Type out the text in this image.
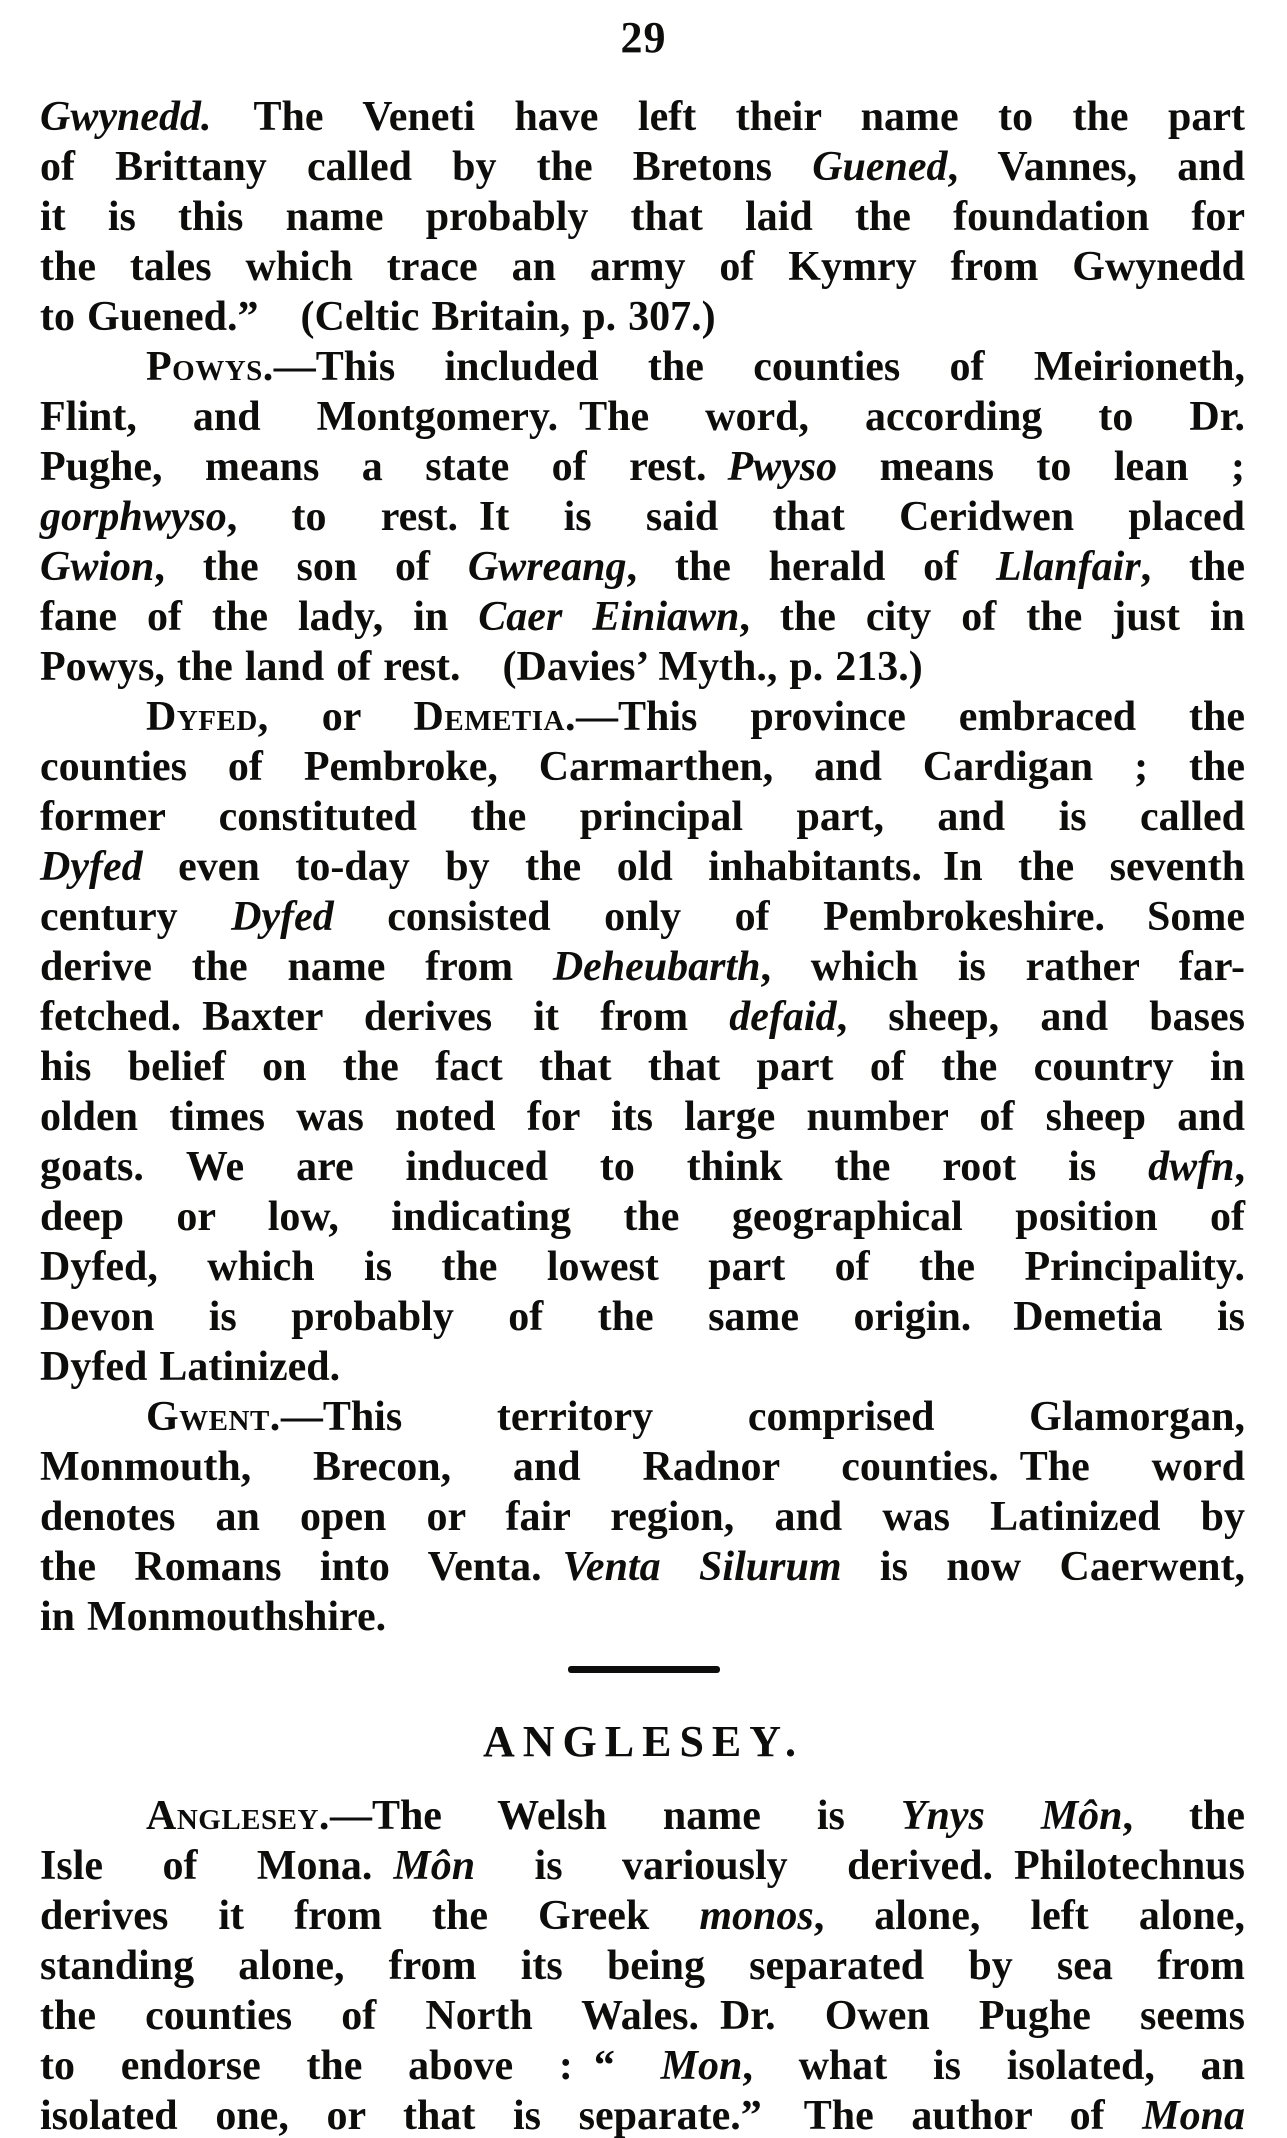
29
Gwynedd.  The Veneti have left their name to the part
of Brittany called by the Bretons Guened, Vannes, and
it is this name probably that laid the foundation for
the tales which trace an army of Kymry from Gwynedd
to Guened.”  (Celtic Britain, p. 307.)
Powys.—This included the counties of Meirioneth,
Flint, and Montgomery. The word, according to Dr.
Pughe, means a state of rest. Pwyso means to lean ;
gorphwyso, to rest. It is said that Ceridwen placed
Gwion, the son of Gwreang, the herald of Llanfair, the
fane of the lady, in Caer Einiawn, the city of the just in
Powys, the land of rest.  (Davies’ Myth., p. 213.)
Dyfed, or Demetia.—This province embraced the
counties of Pembroke, Carmarthen, and Cardigan ; the
former constituted the principal part, and is called
Dyfed even to-day by the old inhabitants. In the seventh
century Dyfed consisted only of Pembrokeshire.  Some
derive the name from Deheubarth, which is rather far-
fetched. Baxter derives it from defaid, sheep, and bases
his belief on the fact that that part of the country in
olden times was noted for its large number of sheep and
goats.  We are induced to think the root is dwfn,
deep or low, indicating the geographical position of
Dyfed, which is the lowest part of the Principality.
Devon is probably of the same origin.  Demetia is
Dyfed Latinized.
Gwent.—This territory comprised Glamorgan,
Monmouth, Brecon, and Radnor counties. The word
denotes an open or fair region, and was Latinized by
the Romans into Venta. Venta Silurum is now Caerwent,
in Monmouthshire.
ANGLESEY.
Anglesey.—The Welsh name is Ynys Môn, the
Isle of Mona. Môn is variously derived. Philotechnus
derives it from the Greek monos, alone, left alone,
standing alone, from its being separated by sea from
the counties of North Wales. Dr. Owen Pughe seems
to endorse the above : “ Mon, what is isolated, an
isolated one, or that is separate.”  The author of Mona
